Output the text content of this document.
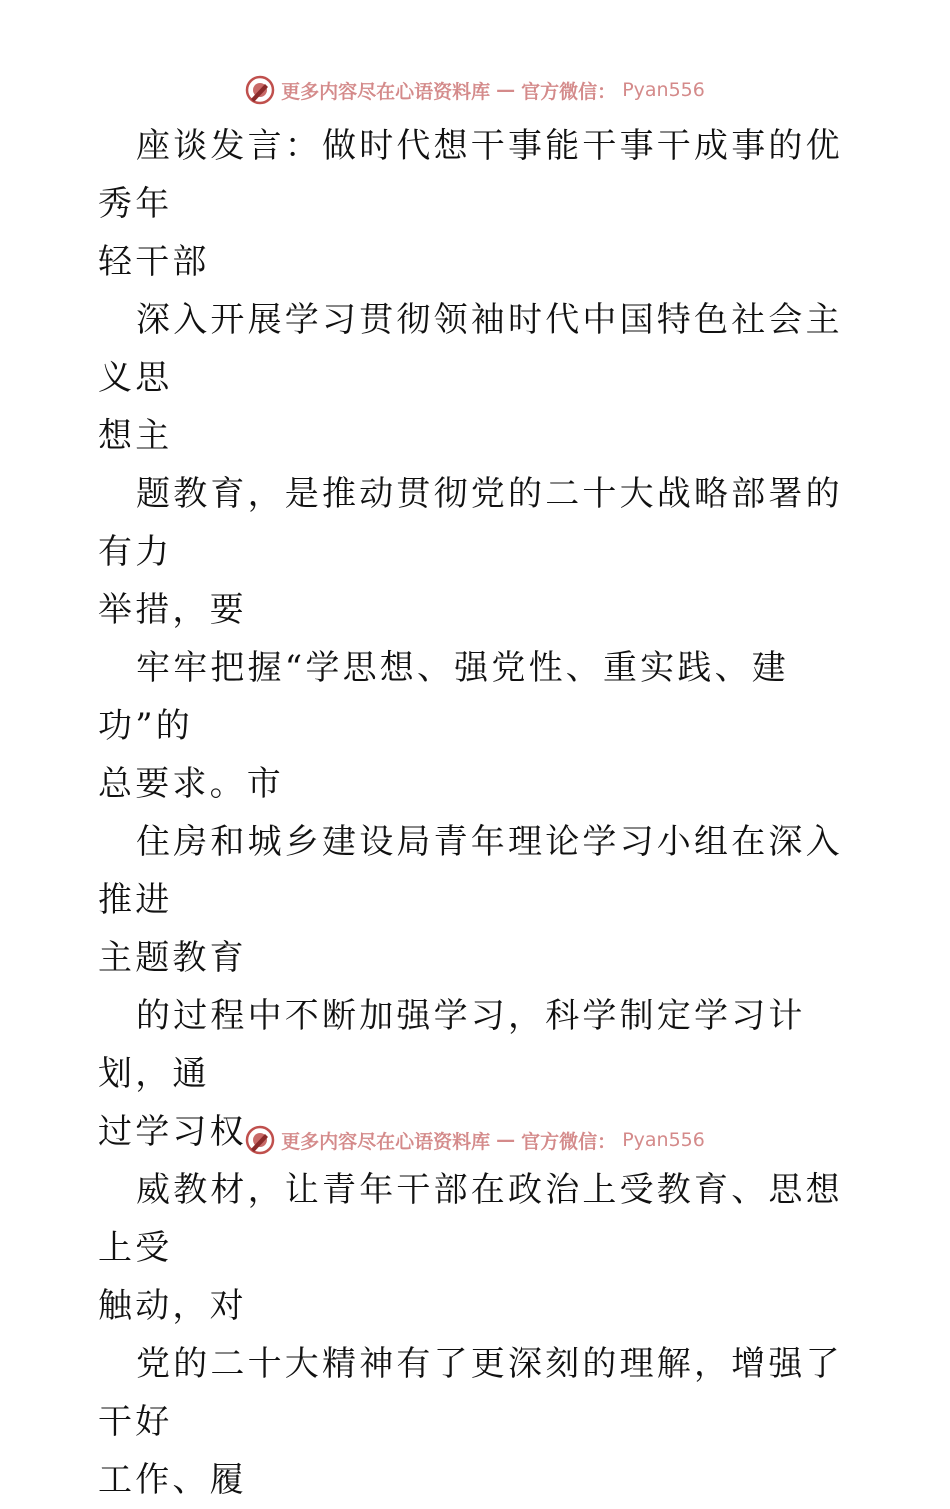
更多内容尽在心语资料库 — 官方微信： Pyan556

座谈发言：做时代想干事能干事干成事的优秀年
轻干部

深入开展学习贯彻领袖时代中国特色社会主义思
想主

题教育，是推动贯彻党的二十大战略部署的有力
举措，要

牢牢把握“学思想、强党性、重实践、建功”的
总要求。市

住房和城乡建设局青年理论学习小组在深入推进
主题教育

的过程中不断加强学习，科学制定学习计划，通
过学习权

威教材，让青年干部在政治上受教育、思想上受
触动，对

党的二十大精神有了更深刻的理解，增强了干好
工作、履

更多内容尽在心语资料库 — 官方微信： Pyan556
